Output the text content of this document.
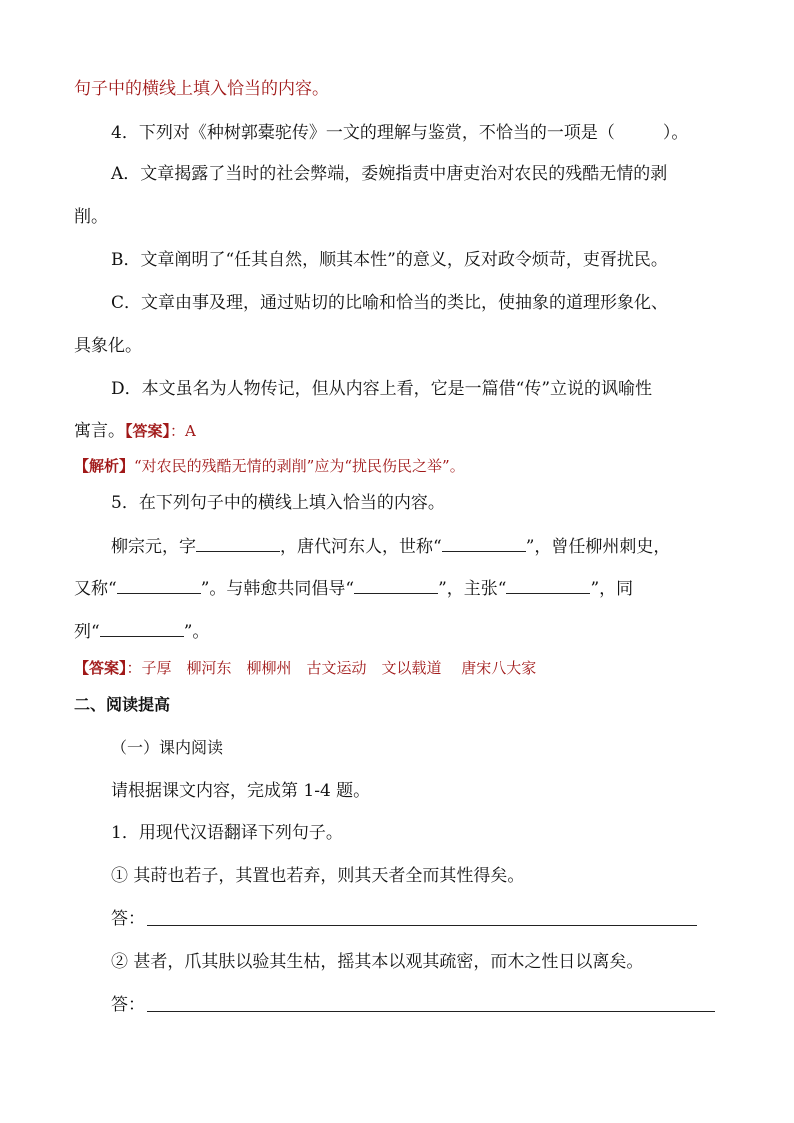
句子中的横线上填入恰当的内容。
4．下列对《种树郭橐驼传》一文的理解与鉴赏，不恰当的一项是（	）。
A．文章揭露了当时的社会弊端，委婉指责中唐吏治对农民的残酷无情的剥
削。
B．文章阐明了“任其自然，顺其本性”的意义，反对政令烦苛，吏胥扰民。
C．文章由事及理，通过贴切的比喻和恰当的类比，使抽象的道理形象化、
具象化。
D．本文虽名为人物传记，但从内容上看，它是一篇借“传”立说的讽喻性
寓言。【答案】：A
【解析】“对农民的残酷无情的剥削”应为“扰民伤民之举”。
5．在下列句子中的横线上填入恰当的内容。
柳宗元，字	，唐代河东人，世称“	”，曾任柳州刺史，
又称“	”。与韩愈共同倡导“	”，主张“	”，同
列“	”。
【答案】：子厚　柳河东　柳柳州　古文运动　文以载道　 唐宋八大家
二、阅读提高
（一）课内阅读
请根据课文内容，完成第 1-4 题。
1．用现代汉语翻译下列句子。
① 其莳也若子，其置也若弃，则其天者全而其性得矣。
答：
② 甚者，爪其肤以验其生枯，摇其本以观其疏密，而木之性日以离矣。
答：
